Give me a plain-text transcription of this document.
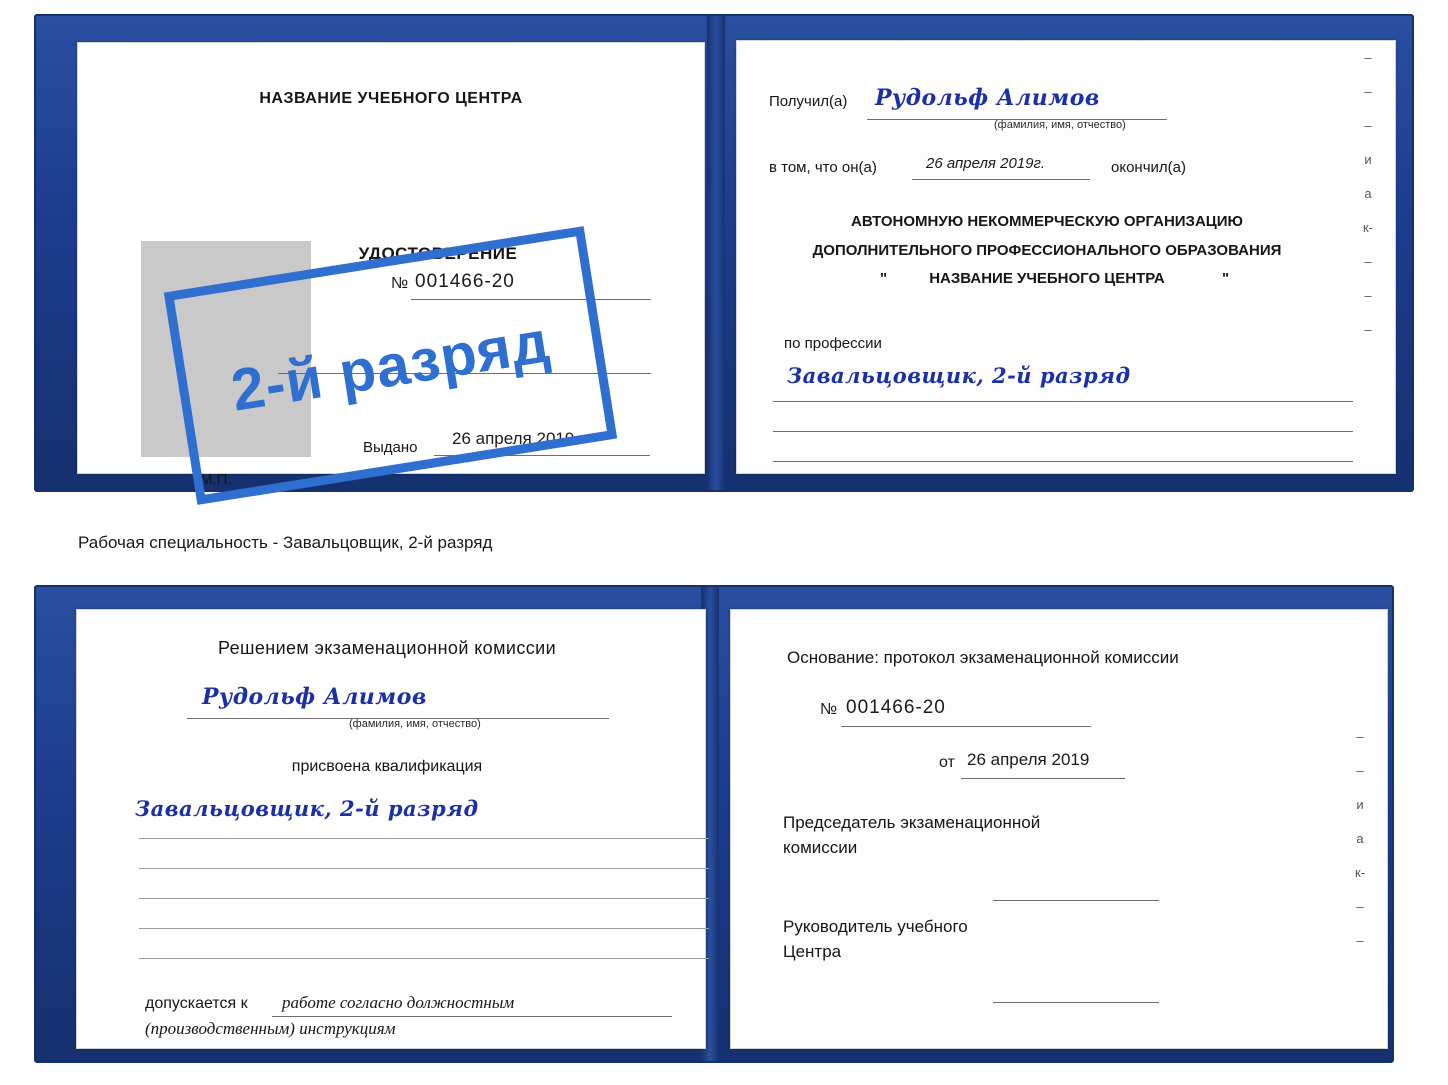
НАЗВАНИЕ УЧЕБНОГО ЦЕНТРА
УДОСТОВЕРЕНИЕ
№ 001466-20
Выдано 26 апреля 2019
М.П.
Получил(а) Рудольф Алимов
(фамилия, имя, отчество)
в том, что он(а)	26 апреля 2019г.	окончил(а)
АВТОНОМНУЮ НЕКОММЕРЧЕСКУЮ ОРГАНИЗАЦИЮ
ДОПОЛНИТЕЛЬНОГО ПРОФЕССИОНАЛЬНОГО ОБРАЗОВАНИЯ
"	НАЗВАНИЕ УЧЕБНОГО ЦЕНТРА	"
по профессии
Завальцовщик, 2-й разряд
–
–
–
и
а
к-
–
–
–
2-й разряд
Рабочая специальность - Завальцовщик, 2-й разряд
Решением экзаменационной комиссии
Рудольф Алимов
(фамилия, имя, отчество)
присвоена квалификация
Завальцовщик, 2-й разряд
допускается к работе согласно должностным
(производственным) инструкциям
Основание: протокол экзаменационной комиссии
№ 001466-20
от 26 апреля 2019
Председатель экзаменационной
комиссии
Руководитель учебного
Центра
–
–
и
а
к-
–
–
